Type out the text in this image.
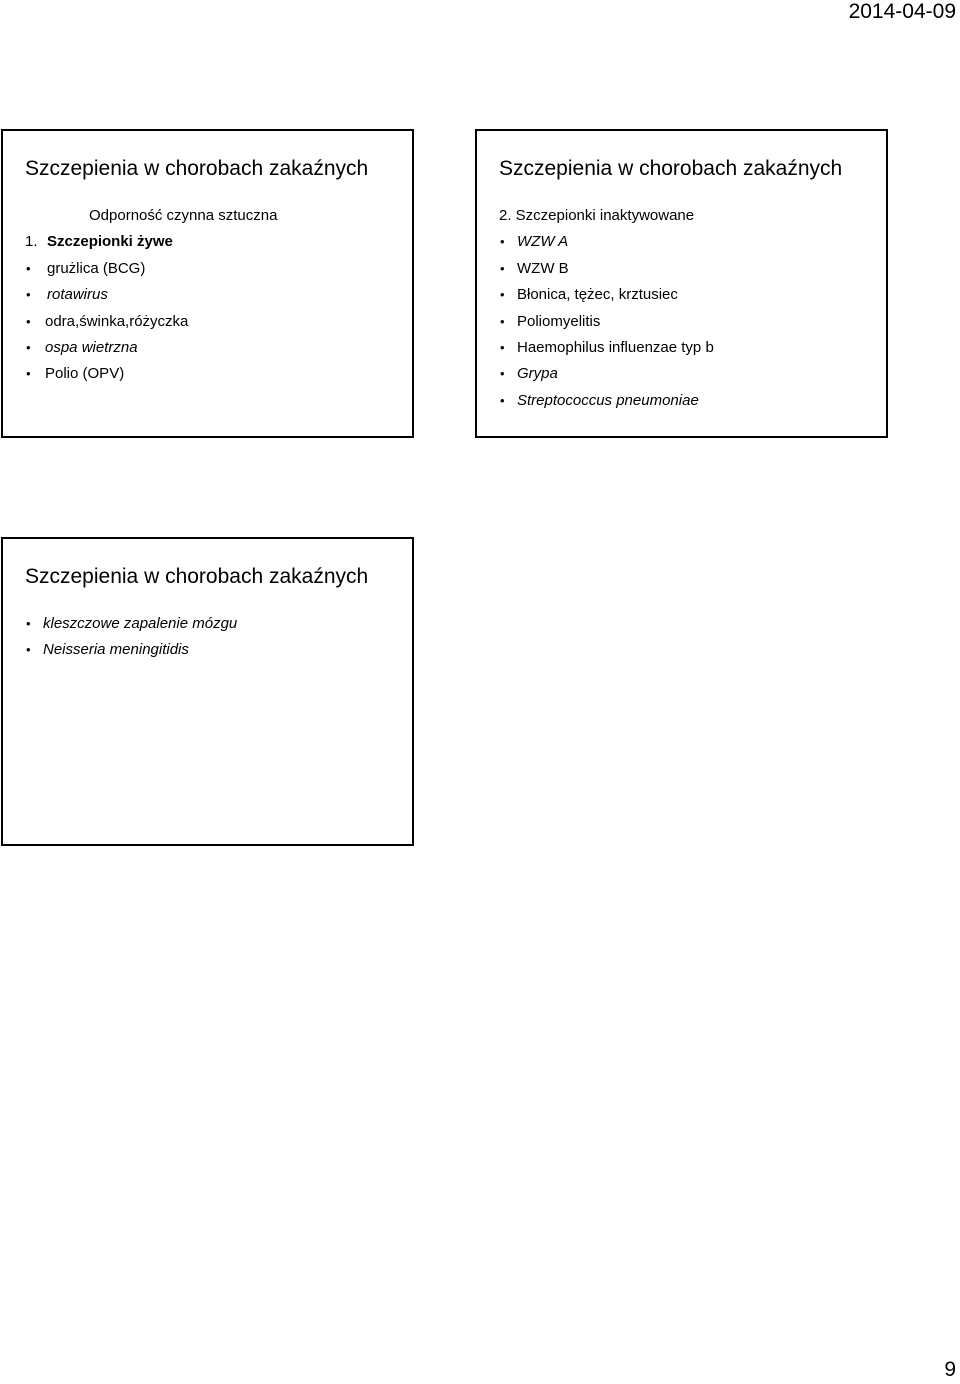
2014-04-09
Szczepienia w chorobach zakaźnych
Odporność czynna sztuczna
1. Szczepionki żywe
• grużlica (BCG)
• rotawirus
• odra,świnka,różyczka
• ospa wietrzna
• Polio (OPV)
Szczepienia w chorobach zakaźnych
2. Szczepionki inaktywowane
• WZW A
• WZW B
• Błonica, tężec, krztusiec
• Poliomyelitis
• Haemophilus influenzae typ b
• Grypa
• Streptococcus pneumoniae
Szczepienia w chorobach zakaźnych
• kleszczowe zapalenie mózgu
• Neisseria meningitidis
9
